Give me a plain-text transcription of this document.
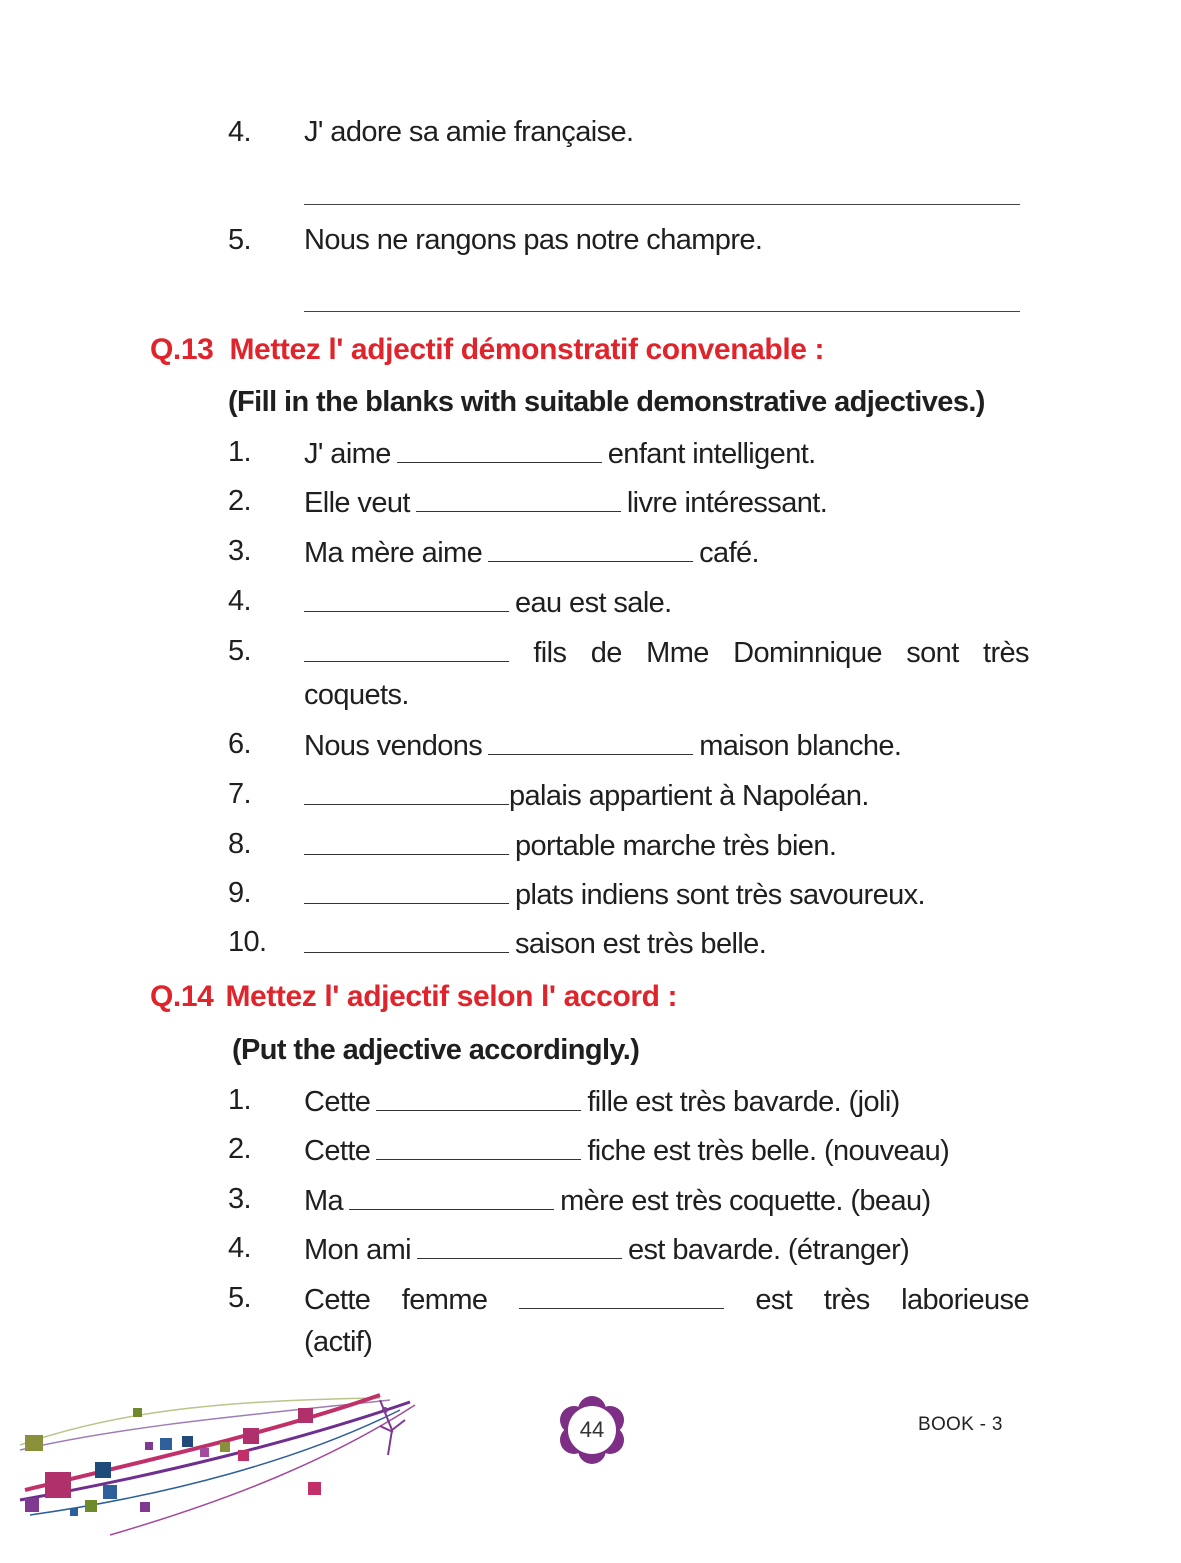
4. J' adore sa amie française.
5. Nous ne rangons pas notre champre.
Q.13 Mettez l' adjectif démonstratif convenable :
(Fill in the blanks with suitable demonstrative adjectives.)
1. J' aime	enfant intelligent.
2. Elle veut	livre intéressant.
3. Ma mère aime	café.
4.	eau est sale.
5.	fils de Mme Dominnique sont très
coquets.
6. Nous vendons	maison blanche.
7.	palais appartient à Napoléan.
8.	portable marche très bien.
9.	plats indiens sont très savoureux.
10.	saison est très belle.
Q.14 Mettez l' adjectif selon l' accord :
(Put the adjective accordingly.)
1. Cette	fille est très bavarde. (joli)
2. Cette	fiche est très belle. (nouveau)
3. Ma	mère est très coquette. (beau)
4. Mon ami	est bavarde. (étranger)
5. Cette femme	est très laborieuse
(actif)
44	BOOK - 3
